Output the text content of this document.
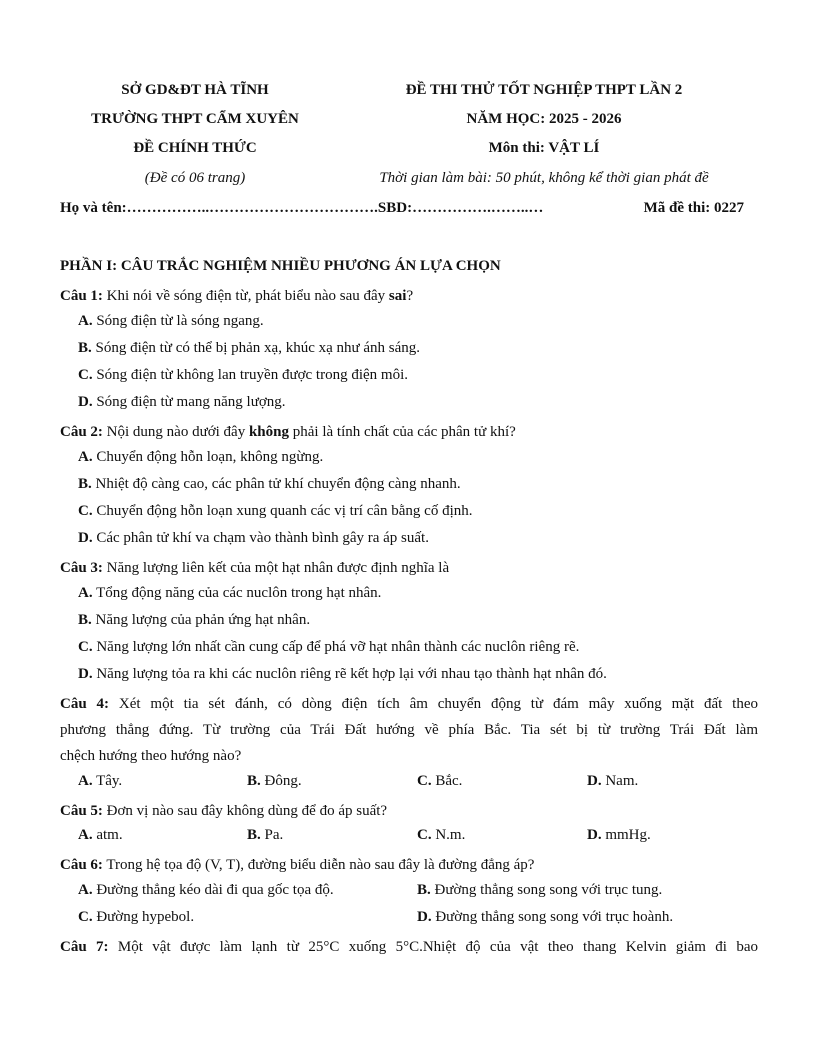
SỞ GD&ĐT HÀ TĨNH
TRƯỜNG THPT CẨM XUYÊN
ĐỀ CHÍNH THỨC
(Đề có 06 trang)
ĐỀ THI THỬ TỐT NGHIỆP THPT LẦN 2
NĂM HỌC: 2025 - 2026
Môn thi: VẬT LÍ
Thời gian làm bài: 50 phút, không kể thời gian phát đề
Họ và tên:……………..…………………………….SBD:…………….……..…	Mã đề thi: 0227
PHẦN I: CÂU TRẮC NGHIỆM NHIỀU PHƯƠNG ÁN LỰA CHỌN
Câu 1: Khi nói về sóng điện từ, phát biểu nào sau đây sai?
A. Sóng điện từ là sóng ngang.
B. Sóng điện từ có thể bị phản xạ, khúc xạ như ánh sáng.
C. Sóng điện từ không lan truyền được trong điện môi.
D. Sóng điện từ mang năng lượng.
Câu 2: Nội dung nào dưới đây không phải là tính chất của các phân tử khí?
A. Chuyển động hỗn loạn, không ngừng.
B. Nhiệt độ càng cao, các phân tử khí chuyển động càng nhanh.
C. Chuyển động hỗn loạn xung quanh các vị trí cân bằng cố định.
D. Các phân tử khí va chạm vào thành bình gây ra áp suất.
Câu 3: Năng lượng liên kết của một hạt nhân được định nghĩa là
A. Tổng động năng của các nuclôn trong hạt nhân.
B. Năng lượng của phản ứng hạt nhân.
C. Năng lượng lớn nhất cần cung cấp để phá vỡ hạt nhân thành các nuclôn riêng rẽ.
D. Năng lượng tỏa ra khi các nuclôn riêng rẽ kết hợp lại với nhau tạo thành hạt nhân đó.
Câu 4: Xét một tia sét đánh, có dòng điện tích âm chuyển động từ đám mây xuống mặt đất theo
phương thẳng đứng. Từ trường của Trái Đất hướng về phía Bắc. Tia sét bị từ trường Trái Đất làm
chệch hướng theo hướng nào?
A. Tây.	B. Đông.	C. Bắc.	D. Nam.
Câu 5: Đơn vị nào sau đây không dùng để đo áp suất?
A. atm.	B. Pa.	C. N.m.	D. mmHg.
Câu 6: Trong hệ tọa độ (V, T), đường biểu diễn nào sau đây là đường đẳng áp?
A. Đường thẳng kéo dài đi qua gốc tọa độ.	B. Đường thẳng song song với trục tung.
C. Đường hypebol.	D. Đường thẳng song song với trục hoành.
Câu 7: Một vật được làm lạnh từ 25°C xuống 5°C.Nhiệt độ của vật theo thang Kelvin giảm đi bao
